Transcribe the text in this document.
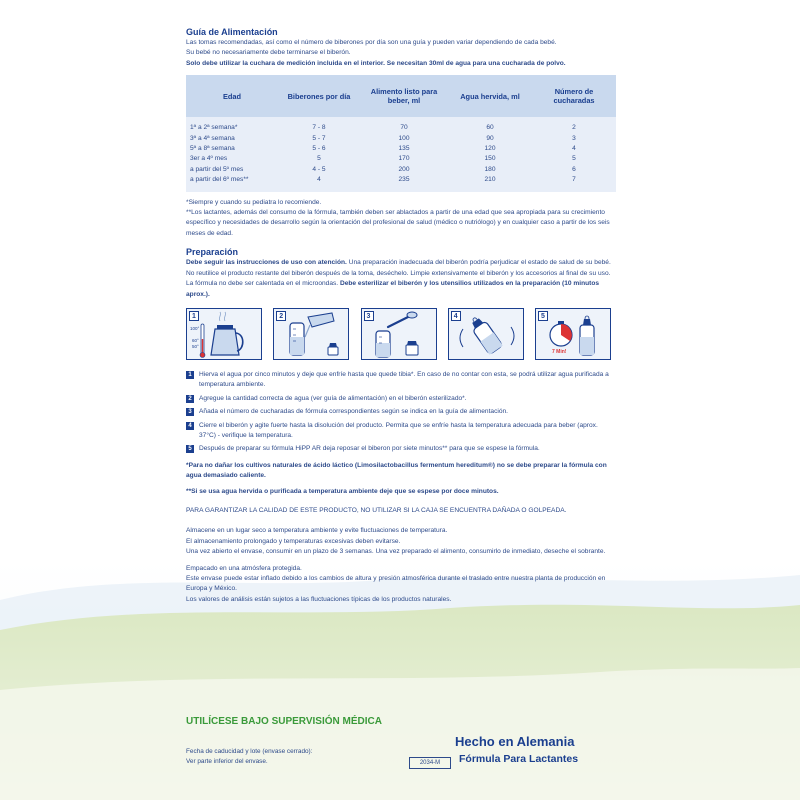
Guía de Alimentación

Las tomas recomendadas, así como el número de biberones por día son una guía y pueden variar dependiendo de cada bebé.

Su bebé no necesariamente debe terminarse el biberón.

Solo debe utilizar la cuchara de medición incluida en el interior. Se necesitan 30ml de agua para una cucharada de polvo.

Edad	Biberones por día	Alimento listo para beber, ml	Agua hervida, ml	Número de cucharadas

1ª a 2ª semana*	7 - 8	70	60	2
3ª a 4ª semana	5 - 7	100	90	3
5ª a 8ª semana	5 - 6	135	120	4
3er a 4º mes	5	170	150	5
a partir del 5º mes	4 - 5	200	180	6
a partir del 6º mes**	4	235	210	7

*Siempre y cuando su pediatra lo recomiende.

**Los lactantes, además del consumo de la fórmula, también deben ser ablactados a partir de una edad que sea apropiada para su crecimiento específico y necesidades de desarrollo según la orientación del profesional de salud (médico o nutriólogo) y en cualquier caso a partir de los seis meses de edad.

Preparación

Debe seguir las instrucciones de uso con atención. Una preparación inadecuada del biberón podría perjudicar el estado de salud de su bebé. No reutilice el producto restante del biberón después de la toma, deséchelo. Limpie extensivamente el biberón y los accesorios al final de su uso. La fórmula no debe ser calentada en el microondas. Debe esterilizar el biberón y los utensilios utilizados en la preparación (10 minutos aprox.).

1
100°
60°
50°
2	3	4	5
7 Min!
1	Hierva el agua por cinco minutos y deje que enfríe hasta que quede tibia*. En caso de no contar con esta, se podrá utilizar agua purificada a temperatura ambiente.
2	Agregue la cantidad correcta de agua (ver guía de alimentación) en el biberón esterilizado*.
3	Añada el número de cucharadas de fórmula correspondientes según se indica en la guía de alimentación.
4	Cierre el biberón y agite fuerte hasta la disolución del producto. Permita que se enfríe hasta la temperatura adecuada para beber (aprox. 37°C) - verifique la temperatura.
5	Después de preparar su fórmula HiPP AR deja reposar el biberon por siete minutos** para que se espese la fórmula.

*Para no dañar los cultivos naturales de ácido láctico (Limosilactobacillus fermentum hereditum®) no se debe preparar la fórmula con agua demasiado caliente.

**Si se usa agua hervida o purificada a temperatura ambiente deje que se espese por doce minutos.

PARA GARANTIZAR LA CALIDAD DE ESTE PRODUCTO, NO UTILIZAR SI LA CAJA SE ENCUENTRA DAÑADA O GOLPEADA.

Almacene en un lugar seco a temperatura ambiente y evite fluctuaciones de temperatura.

El almacenamiento prolongado y temperaturas excesivas deben evitarse.

Una vez abierto el envase, consumir en un plazo de 3 semanas. Una vez preparado el alimento, consumirlo de inmediato, deseche el sobrante.

Empacado en una atmósfera protegida.

Este envase puede estar inflado debido a los cambios de altura y presión atmosférica durante el traslado entre nuestra planta de producción en Europa y México.

Los valores de análisis están sujetos a las fluctuaciones típicas de los productos naturales.

UTILÍCESE BAJO SUPERVISIÓN MÉDICA

Fecha de caducidad y lote (envase cerrado):

Ver parte inferior del envase.	2034-M
Hecho en Alemania
Fórmula Para Lactantes
